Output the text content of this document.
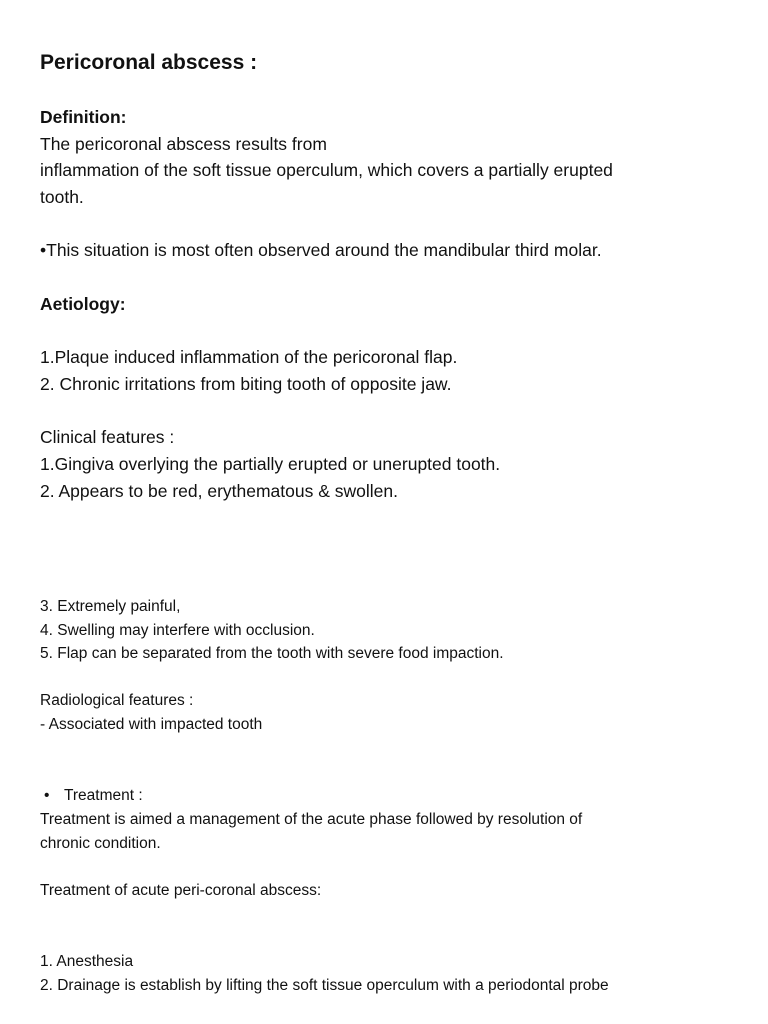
Pericoronal abscess :

Definition:

The pericoronal abscess results from

inflammation of the soft tissue operculum, which covers a partially erupted

tooth.

•This situation is most often observed around the mandibular third molar.

Aetiology:

1.Plaque induced inflammation of the pericoronal flap.

2. Chronic irritations from biting tooth of opposite jaw.

Clinical features :

1.Gingiva overlying the partially erupted or unerupted tooth.

2. Appears to be red, erythematous & swollen.

3. Extremely painful,

4. Swelling may interfere with occlusion.

5. Flap can be separated from the tooth with severe food impaction.

Radiological features :

- Associated with impacted tooth

• Treatment :

Treatment is aimed a management of the acute phase followed by resolution of

chronic condition.

Treatment of acute peri-coronal abscess:

1. Anesthesia

2. Drainage is establish by lifting the soft tissue operculum with a periodontal probe
